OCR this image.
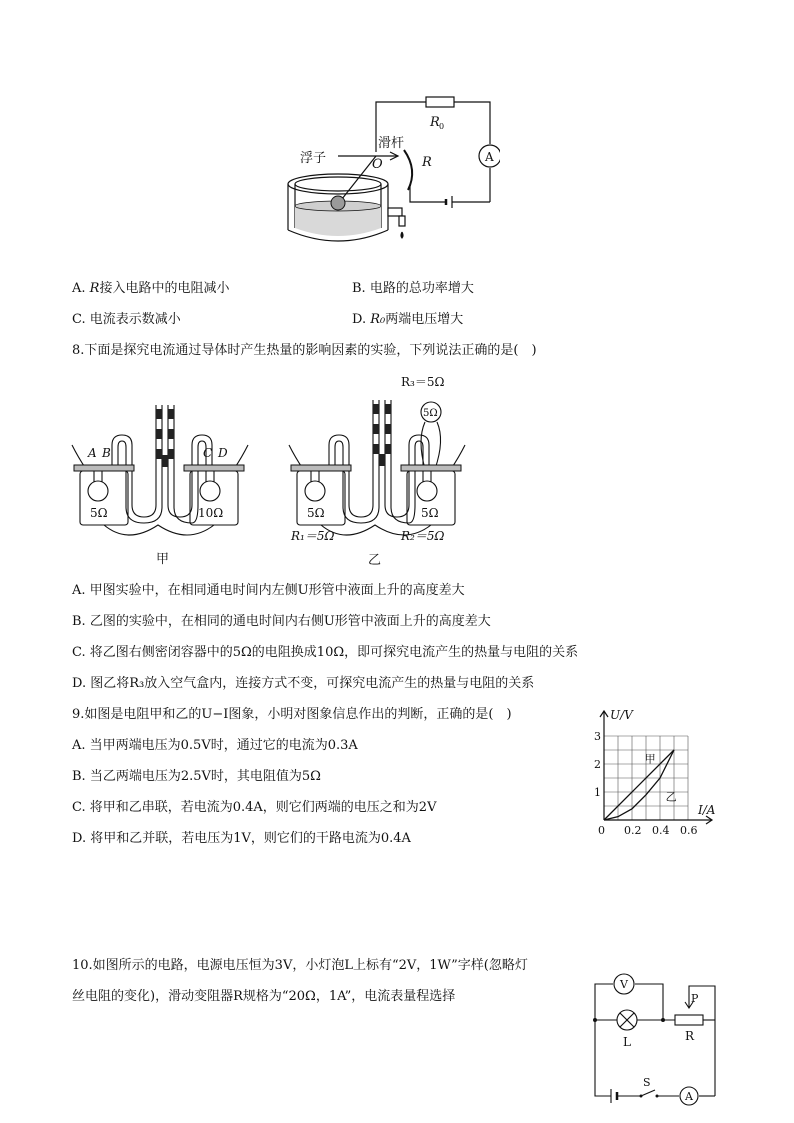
R 0
A
浮子
滑杆
O	R
A. R接入电路中的电阻减小	B. 电路的总功率增大
C. 电流表示数减小	D. R₀两端电压增大
8.下面是探究电流通过导体时产生热量的影响因素的实验，下列说法正确的是(　)
A B	C D
5Ω	10Ω
甲
R₃＝5Ω
5Ω
5Ω	5Ω
R₁＝5Ω	R₂＝5Ω
乙
A. 甲图实验中，在相同通电时间内左侧U形管中液面上升的高度差大
B. 乙图的实验中，在相同的通电时间内右侧U形管中液面上升的高度差大
C. 将乙图右侧密闭容器中的5Ω的电阻换成10Ω，即可探究电流产生的热量与电阻的关系
D. 图乙将R₃放入空气盒内，连接方式不变，可探究电流产生的热量与电阻的关系
9.如图是电阻甲和乙的U−I图象，小明对图象信息作出的判断，正确的是(　)
A. 当甲两端电压为0.5V时，通过它的电流为0.3A
B. 当乙两端电压为2.5V时，其电阻值为5Ω
C. 将甲和乙串联，若电流为0.4A，则它们两端的电压之和为2V
D. 将甲和乙并联，若电压为1V，则它们的干路电流为0.4A
0 0.2 0.4 0.6
1
2
3
U/V
I/A
甲
乙
10.如图所示的电路，电源电压恒为3V，小灯泡L上标有“2V，1W”字样(忽略灯
丝电阻的变化)，滑动变阻器R规格为“20Ω，1A”，电流表量程选择
V
L
P
R
S
A
